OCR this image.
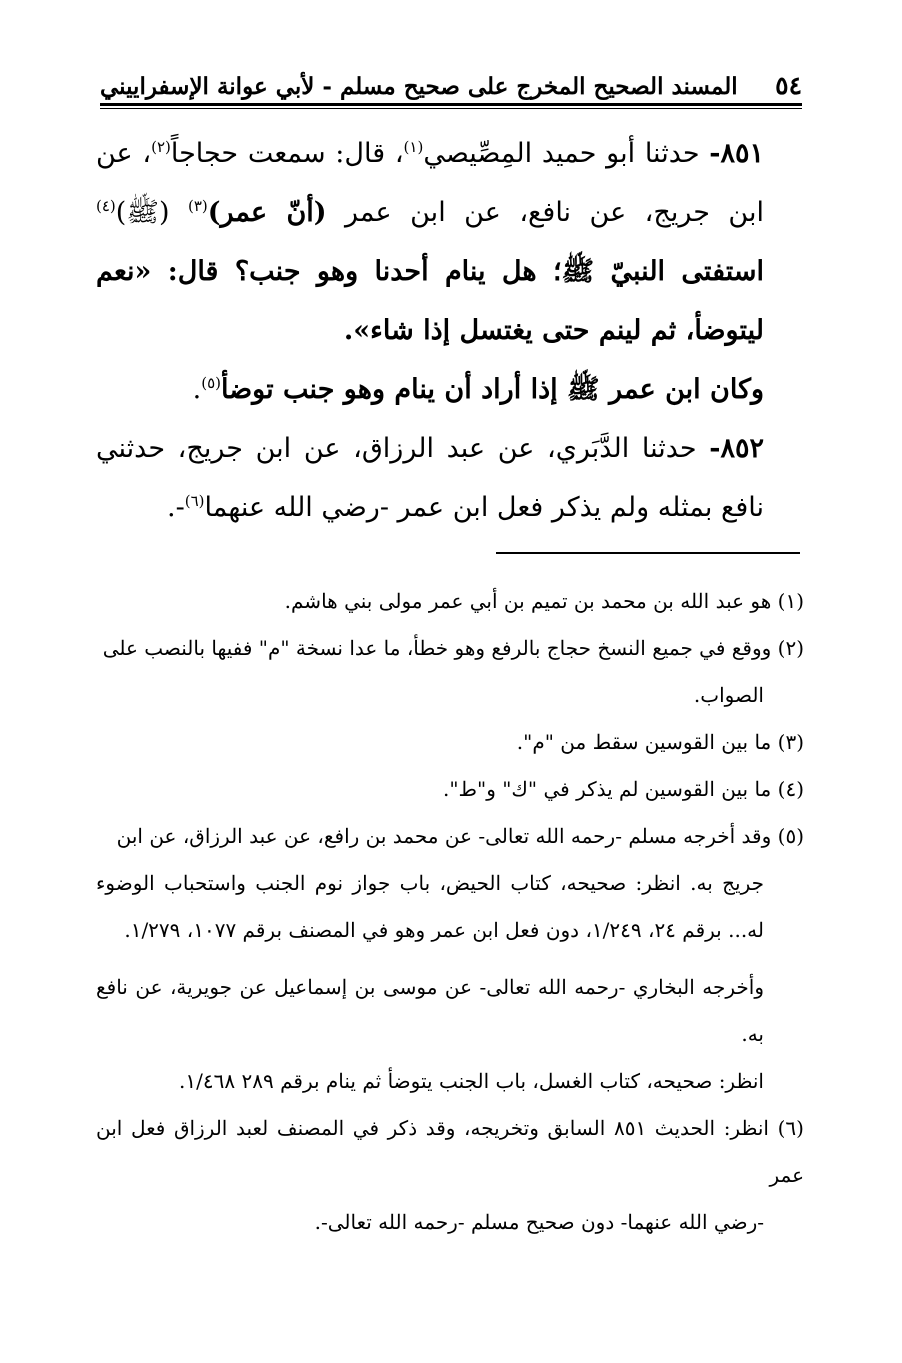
٥٤
المسند الصحيح المخرج على صحيح مسلم - لأبي عوانة الإسفراييني

٨٥١- حدثنا أبو حميد المِصِّيصي$^{(١)}$، قال: سمعت حجاجاً$^{(٢)}$، عن ابن جريج، عن نافع، عن ابن عمر (أنّ عمر)$^{(٣)}$ (ﷺ)$^{(٤)}$ استفتى النبيّ ﷺ؛ هل ينام أحدنا وهو جنب؟ قال: «نعم ليتوضأ، ثم لينم حتى يغتسل إذا شاء».

وكان ابن عمر ﷺ إذا أراد أن ينام وهو جنب توضأ$^{(٥)}$.

٨٥٢- حدثنا الدَّبَري، عن عبد الرزاق، عن ابن جريج، حدثني نافع بمثله ولم يذكر فعل ابن عمر -رضي الله عنهما$^{(٦)}$-.

(١) هو عبد الله بن محمد بن تميم بن أبي عمر مولى بني هاشم.

(٢) ووقع في جميع النسخ حجاج بالرفع وهو خطأ، ما عدا نسخة "م" ففيها بالنصب على

الصواب.

(٣) ما بين القوسين سقط من "م".

(٤) ما بين القوسين لم يذكر في "ك" و"ط".

(٥) وقد أخرجه مسلم -رحمه الله تعالى- عن محمد بن رافع، عن عبد الرزاق، عن ابن

جريج به. انظر: صحيحه، كتاب الحيض، باب جواز نوم الجنب واستحباب الوضوء له... برقم ٢٤، ١/٢٤٩، دون فعل ابن عمر وهو في المصنف برقم ١٠٧٧، ١/٢٧٩.

وأخرجه البخاري -رحمه الله تعالى- عن موسى بن إسماعيل عن جويرية، عن نافع به.

انظر: صحيحه، كتاب الغسل، باب الجنب يتوضأ ثم ينام برقم ٢٨٩ ١/٤٦٨.

(٦) انظر: الحديث ٨٥١ السابق وتخريجه، وقد ذكر في المصنف لعبد الرزاق فعل ابن عمر

-رضي الله عنهما- دون صحيح مسلم -رحمه الله تعالى-.
